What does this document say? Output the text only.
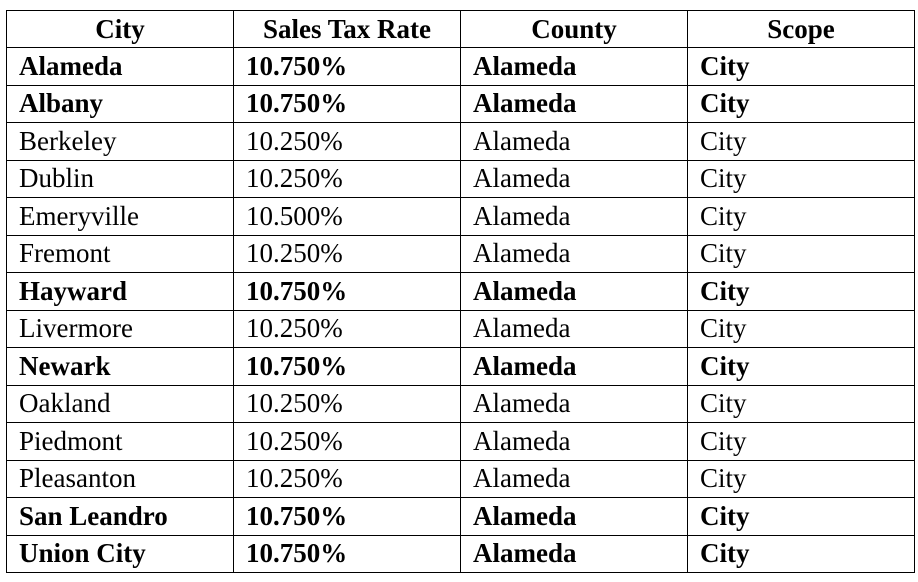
City	Sales Tax Rate	County	Scope
Alameda	10.750%	Alameda	City
Albany	10.750%	Alameda	City
Berkeley	10.250%	Alameda	City
Dublin	10.250%	Alameda	City
Emeryville	10.500%	Alameda	City
Fremont	10.250%	Alameda	City
Hayward	10.750%	Alameda	City
Livermore	10.250%	Alameda	City
Newark	10.750%	Alameda	City
Oakland	10.250%	Alameda	City
Piedmont	10.250%	Alameda	City
Pleasanton	10.250%	Alameda	City
San Leandro	10.750%	Alameda	City
Union City	10.750%	Alameda	City
